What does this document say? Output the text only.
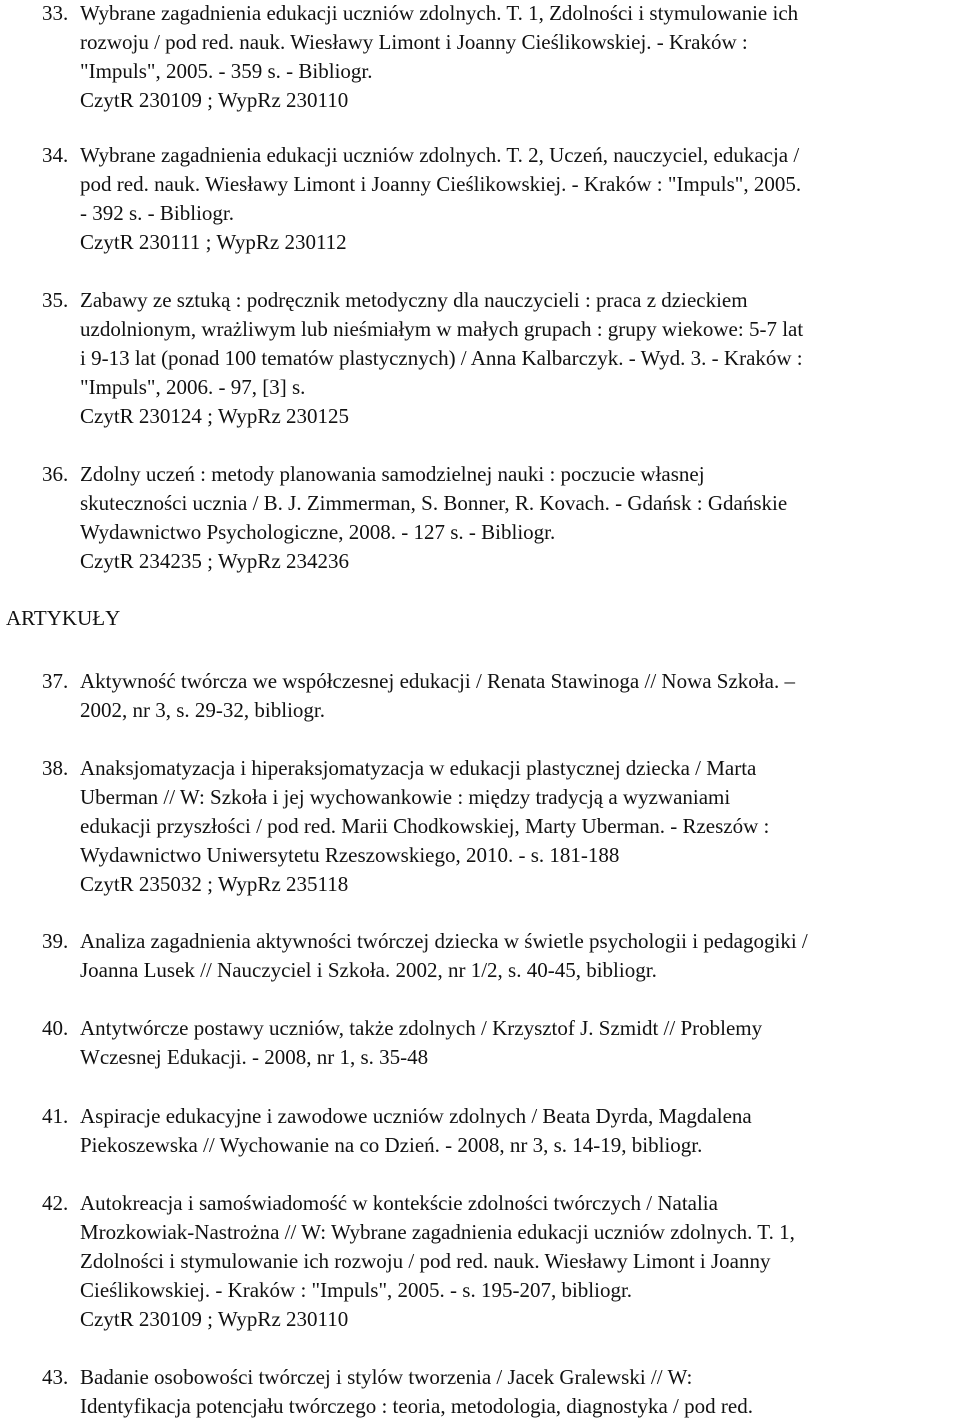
33. Wybrane zagadnienia edukacji uczniów zdolnych. T. 1, Zdolności i stymulowanie ich
rozwoju / pod red. nauk. Wiesławy Limont i Joanny Cieślikowskiej. - Kraków :
"Impuls", 2005. - 359 s. - Bibliogr.
CzytR 230109 ; WypRz 230110
34. Wybrane zagadnienia edukacji uczniów zdolnych. T. 2, Uczeń, nauczyciel, edukacja /
pod red. nauk. Wiesławy Limont i Joanny Cieślikowskiej. - Kraków : "Impuls", 2005.
- 392 s. - Bibliogr.
CzytR 230111 ; WypRz 230112
35. Zabawy ze sztuką : podręcznik metodyczny dla nauczycieli : praca z dzieckiem
uzdolnionym, wrażliwym lub nieśmiałym w małych grupach : grupy wiekowe: 5-7 lat
i 9-13 lat (ponad 100 tematów plastycznych) / Anna Kalbarczyk. - Wyd. 3. - Kraków :
"Impuls", 2006. - 97, [3] s.
CzytR 230124 ; WypRz 230125
36. Zdolny uczeń : metody planowania samodzielnej nauki : poczucie własnej
skuteczności ucznia / B. J. Zimmerman, S. Bonner, R. Kovach. - Gdańsk : Gdańskie
Wydawnictwo Psychologiczne, 2008. - 127 s. - Bibliogr.
CzytR 234235 ; WypRz 234236
ARTYKUŁY
37. Aktywność twórcza we współczesnej edukacji / Renata Stawinoga // Nowa Szkoła. –
2002, nr 3, s. 29-32, bibliogr.
38. Anaksjomatyzacja i hiperaksjomatyzacja w edukacji plastycznej dziecka / Marta
Uberman // W: Szkoła i jej wychowankowie : między tradycją a wyzwaniami
edukacji przyszłości / pod red. Marii Chodkowskiej, Marty Uberman. - Rzeszów :
Wydawnictwo Uniwersytetu Rzeszowskiego, 2010. - s. 181-188
CzytR 235032 ; WypRz 235118
39. Analiza zagadnienia aktywności twórczej dziecka w świetle psychologii i pedagogiki /
Joanna Lusek // Nauczyciel i Szkoła. 2002, nr 1/2, s. 40-45, bibliogr.
40. Antytwórcze postawy uczniów, także zdolnych / Krzysztof J. Szmidt // Problemy
Wczesnej Edukacji. - 2008, nr 1, s. 35-48
41. Aspiracje edukacyjne i zawodowe uczniów zdolnych / Beata Dyrda, Magdalena
Piekoszewska // Wychowanie na co Dzień. - 2008, nr 3, s. 14-19, bibliogr.
42. Autokreacja i samoświadomość w kontekście zdolności twórczych / Natalia
Mrozkowiak-Nastrożna // W: Wybrane zagadnienia edukacji uczniów zdolnych. T. 1,
Zdolności i stymulowanie ich rozwoju / pod red. nauk. Wiesławy Limont i Joanny
Cieślikowskiej. - Kraków : "Impuls", 2005. - s. 195-207, bibliogr.
CzytR 230109 ; WypRz 230110
43. Badanie osobowości twórczej i stylów tworzenia / Jacek Gralewski // W:
Identyfikacja potencjału twórczego : teoria, metodologia, diagnostyka / pod red.
